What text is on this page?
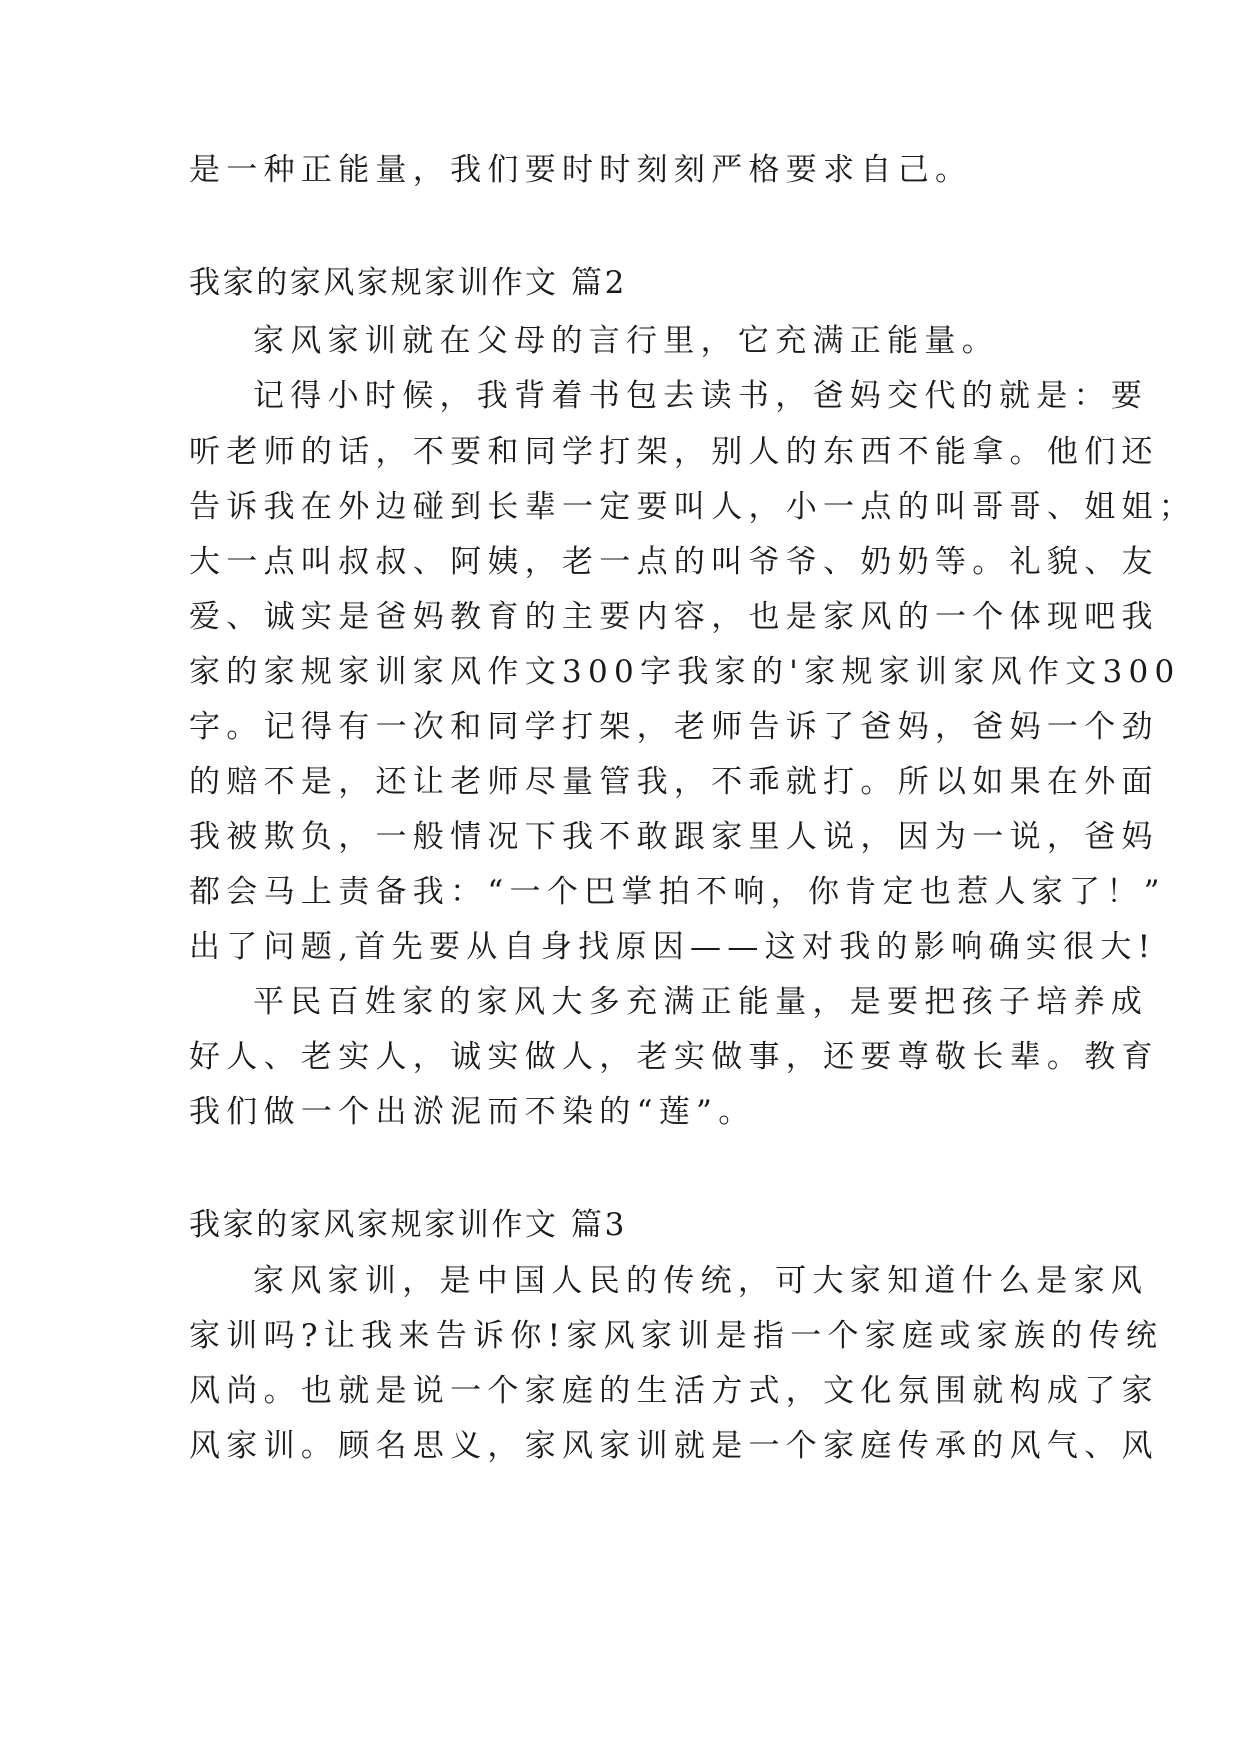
是一种正能量，我们要时时刻刻严格要求自己。
我家的家风家规家训作文 篇2
家风家训就在父母的言行里，它充满正能量。
记得小时候，我背着书包去读书，爸妈交代的就是：要
听老师的话，不要和同学打架，别人的东西不能拿。他们还
告诉我在外边碰到长辈一定要叫人，小一点的叫哥哥、姐姐；
大一点叫叔叔、阿姨，老一点的叫爷爷、奶奶等。礼貌、友
爱、诚实是爸妈教育的主要内容，也是家风的一个体现吧我
家的家规家训家风作文300字我家的'家规家训家风作文300
字。记得有一次和同学打架，老师告诉了爸妈，爸妈一个劲
的赔不是，还让老师尽量管我，不乖就打。所以如果在外面
我被欺负，一般情况下我不敢跟家里人说，因为一说，爸妈
都会马上责备我：“一个巴掌拍不响，你肯定也惹人家了！”
出了问题,首先要从自身找原因——这对我的影响确实很大!
平民百姓家的家风大多充满正能量，是要把孩子培养成
好人、老实人，诚实做人，老实做事，还要尊敬长辈。教育
我们做一个出淤泥而不染的“莲”。
我家的家风家规家训作文 篇3
家风家训，是中国人民的传统，可大家知道什么是家风
家训吗?让我来告诉你!家风家训是指一个家庭或家族的传统
风尚。也就是说一个家庭的生活方式，文化氛围就构成了家
风家训。顾名思义，家风家训就是一个家庭传承的风气、风
